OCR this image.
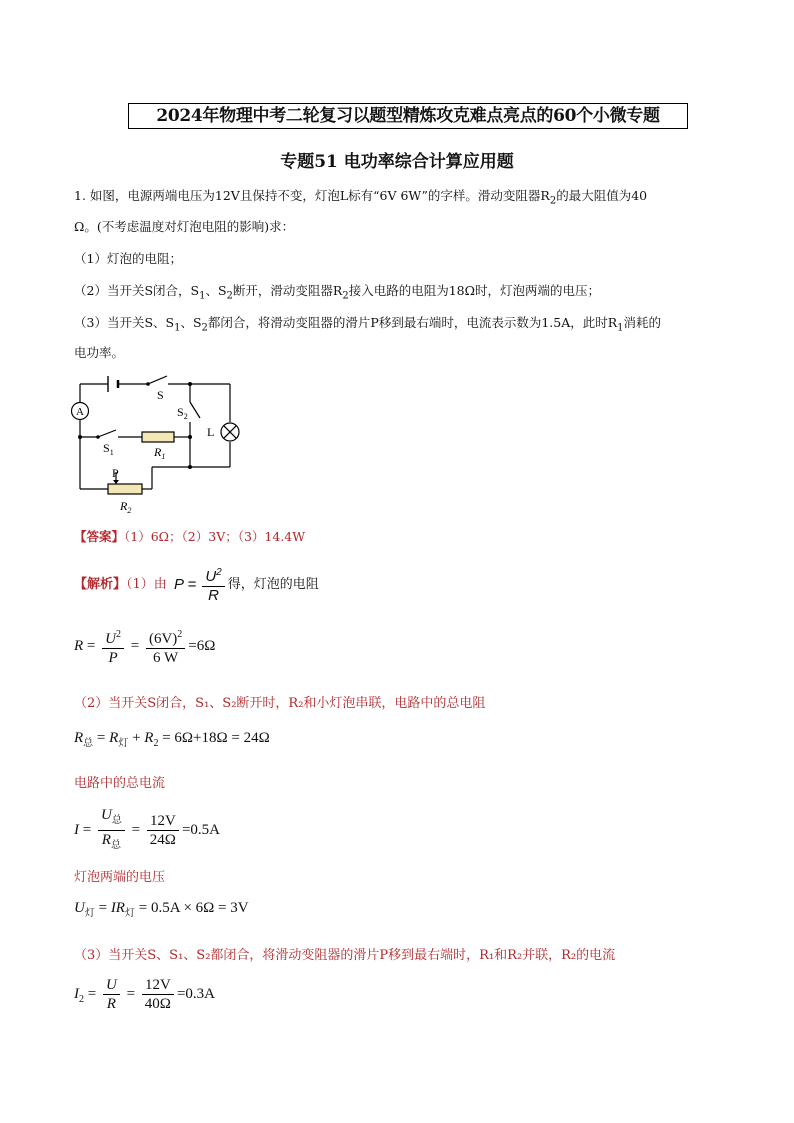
2024年物理中考二轮复习以题型精炼攻克难点亮点的60个小微专题
专题51 电功率综合计算应用题
1. 如图，电源两端电压为12V且保持不变，灯泡L标有“6V 6W”的字样。滑动变阻器$R_2$的最大阻值为40
Ω。(不考虑温度对灯泡电阻的影响)求：
（1）灯泡的电阻；
（2）当开关S闭合，$S_1$、$S_2$断开，滑动变阻器$R_2$接入电路的电阻为18Ω时，灯泡两端的电压；
（3）当开关S、$S_1$、$S_2$都闭合，将滑动变阻器的滑片P移到最右端时，电流表示数为1.5A，此时$R_1$消耗的
电功率。
A
S
$S_2$
L
$S_1$	$R_1$
P
$R_2$
【答案】（1）6Ω；（2）3V；（3）14.4W
【解析】（1）由 $P = \frac{U^2}{R}$ 得，灯泡的电阻
$R = \frac{U^2}{P} = \frac{(6V)^2}{6 W} =6\Omega$
（2）当开关S闭合，S₁、S₂断开时，R₂和小灯泡串联，电路中的总电阻
$R_总 = R_灯 + R_2 = 6\Omega+18\Omega = 24\Omega$
电路中的总电流
$I = \frac{U_总}{R_总} = \frac{12V}{24\Omega} =0.5A$
灯泡两端的电压
$U_灯 = IR_灯 = 0.5A \times 6\Omega = 3V$
（3）当开关S、S₁、S₂都闭合，将滑动变阻器的滑片P移到最右端时，R₁和R₂并联，R₂的电流
$I_2 = \frac{U}{R} = \frac{12V}{40\Omega} =0.3A$
